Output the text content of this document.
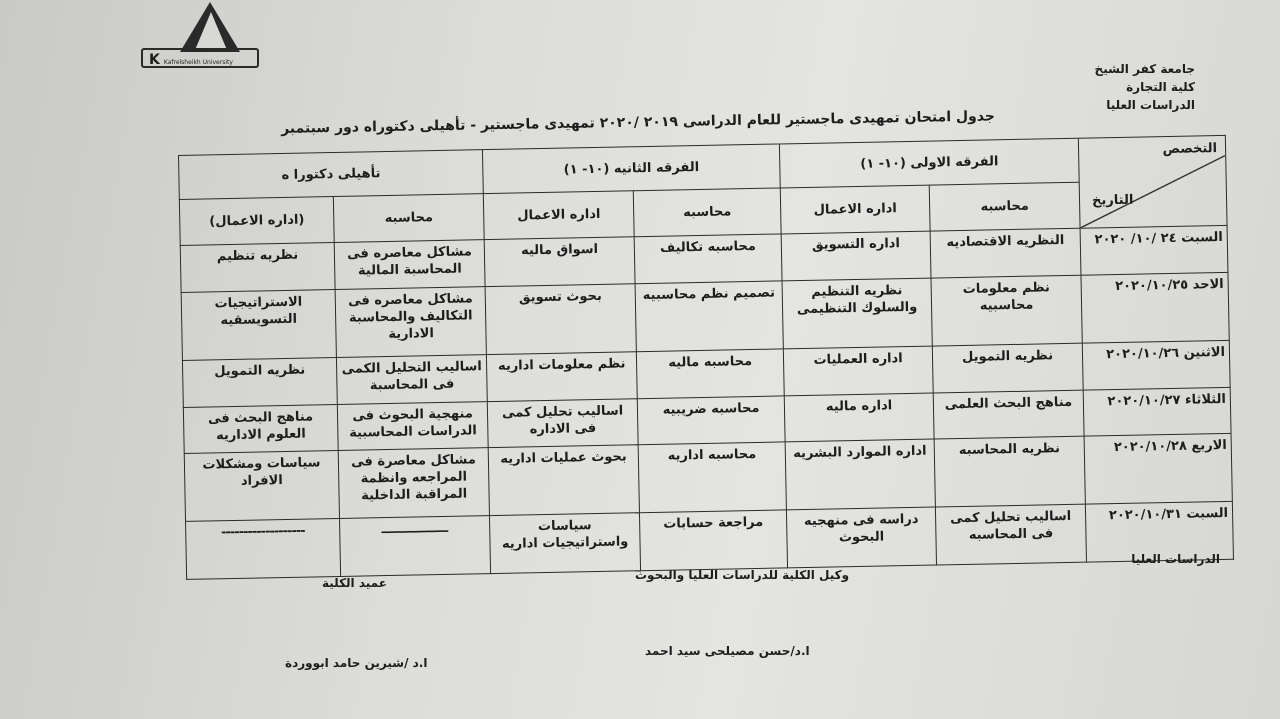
K Kafrelsheikh University	جامعة كفر الشيخ
كلية التجارة
الدراسات العليا
جدول امتحان تمهيدى ماجستير للعام الدراسى ٢٠١٩ /٢٠٢٠ تمهيدى ماجستير - تأهيلى دكتوراه دور سبتمبر
التخصص
التاريخ	الفرقه الاولى (١٠- ١)		الفرقه الثانيه (١٠- ١)		تأهيلى دكتورا ه	
	محاسبه	اداره الاعمال	محاسبه	اداره الاعمال	محاسبه	(اداره الاعمال)
السبت ٢٤ /١٠/ ٢٠٢٠	النظريه الاقتصاديه	اداره التسويق	محاسبه تكاليف	اسواق ماليه	مشاكل معاصره فى المحاسبة المالية	نظريه تنظيم
الاحد ٢٠٢٠/١٠/٢٥	نظم معلومات محاسبيه	نظريه التنظيم والسلوك التنظيمى	تصميم نظم محاسبيه	بحوث تسويق	مشاكل معاصره فى التكاليف والمحاسبة الادارية	الاستراتيجيات التسويسقيه
الاثنين ٢٠٢٠/١٠/٢٦	نظريه التمويل	اداره العمليات	محاسبه ماليه	نظم معلومات اداريه	اساليب التحليل الكمى فى المحاسبة	نظريه التمويل
الثلاثاء ٢٠٢٠/١٠/٢٧	مناهج البحث العلمى	اداره ماليه	محاسبه ضريبيه	اساليب تحليل كمى فى الاداره	منهجية البحوث فى الدراسات المحاسبية	مناهج البحث فى العلوم الاداريه
الاربع ٢٠٢٠/١٠/٢٨	نظريه المحاسبه	اداره الموارد البشريه	محاسبه اداريه	بحوث عمليات اداريه	مشاكل معاصرة فى المراجعه وانظمة المراقبة الداخلية	سياسات ومشكلات الافراد
السبت ٢٠٢٠/١٠/٣١	اساليب تحليل كمى فى المحاسبه	دراسه فى منهجيه البحوث	مراجعة حسابات	سياسات واستراتيجيات اداريه	ـــــــــــــــ	-------------------
الدراسات العليا
وكيل الكلية للدراسات العليا والبحوث
عميد الكلية
ا.د/حسن مصيلحى سيد احمد
ا.د /شيرين حامد ابووردة
